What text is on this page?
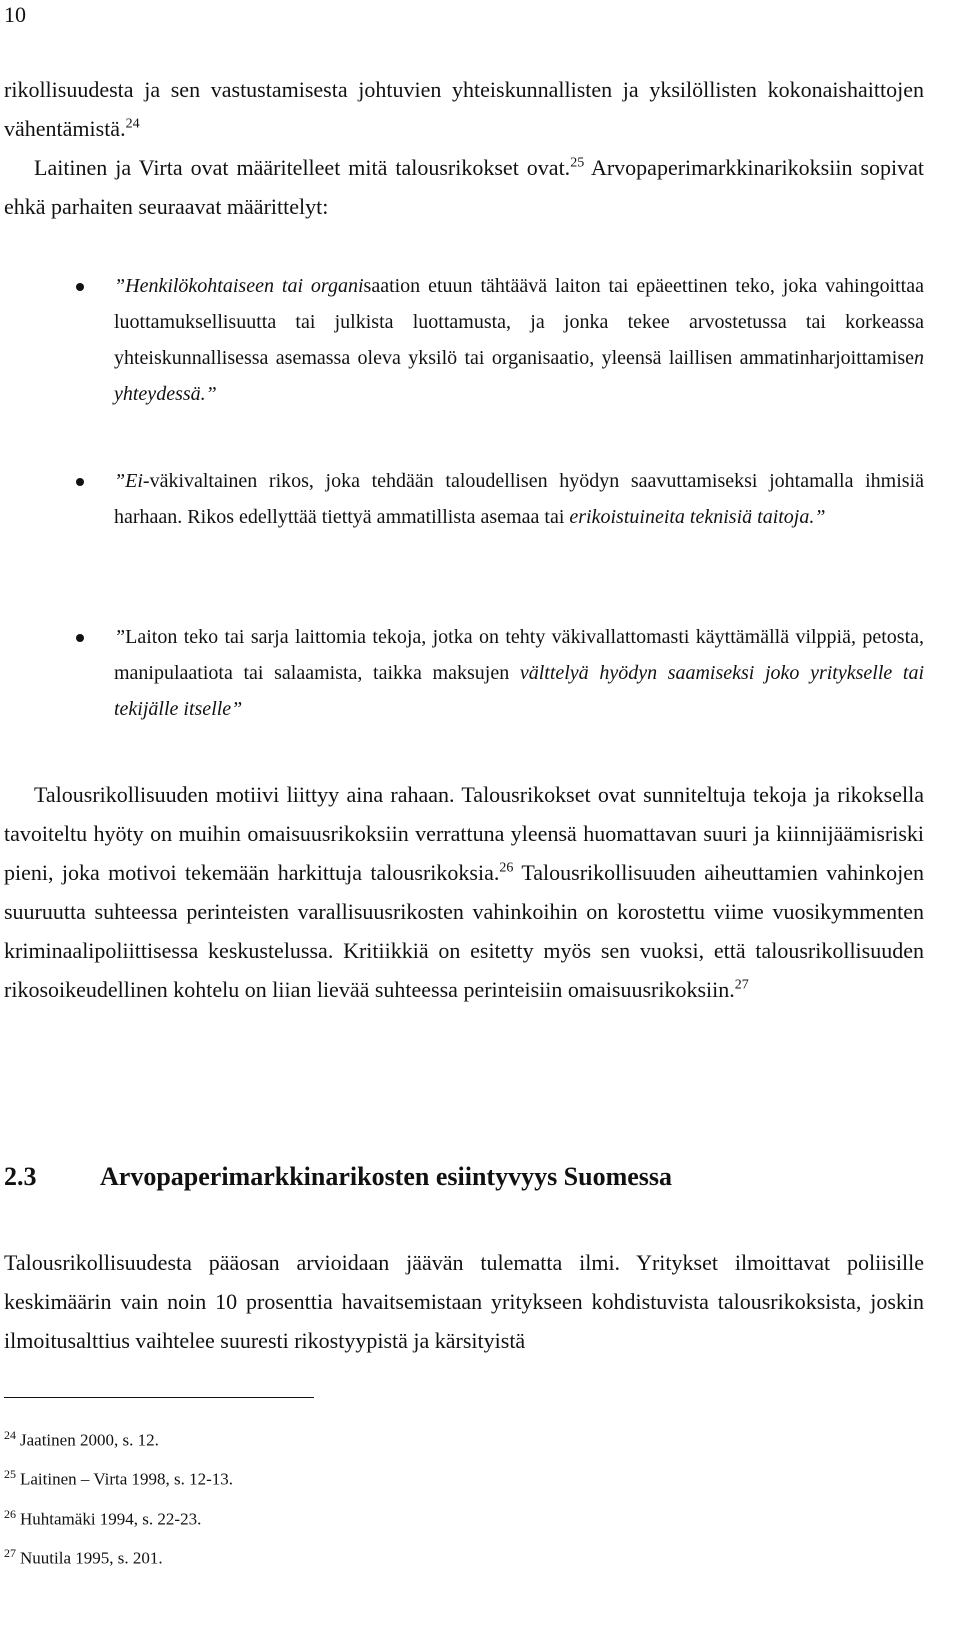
10

rikollisuudesta ja sen vastustamisesta johtuvien yhteiskunnallisten ja yksilöllisten kokonaishaittojen vähentämistä.$^{24}$
Laitinen ja Virta ovat määritelleet mitä talousrikokset ovat.$^{25}$ Arvopaperimarkkinarikoksiin sopivat ehkä parhaiten seuraavat määrittelyt:

”Henkilökohtaiseen tai organisaation etuun tähtäävä laiton tai epäeettinen teko, joka vahingoittaa luottamuksellisuutta tai julkista luottamusta, ja jonka tekee arvostetussa tai korkeassa yhteiskunnallisessa asemassa oleva yksilö tai organisaatio, yleensä laillisen ammatinharjoittamisen yhteydessä.”

”Ei-väkivaltainen rikos, joka tehdään taloudellisen hyödyn saavuttamiseksi johtamalla ihmisiä harhaan. Rikos edellyttää tiettyä ammatillista asemaa tai erikoistuineita teknisiä taitoja.”

”Laiton teko tai sarja laittomia tekoja, jotka on tehty väkivallattomasti käyttämällä vilppiä, petosta, manipulaatiota tai salaamista, taikka maksujen välttelyä hyödyn saamiseksi joko yritykselle tai tekijälle itselle”

Talousrikollisuuden motiivi liittyy aina rahaan. Talousrikokset ovat sunniteltuja tekoja ja rikoksella tavoiteltu hyöty on muihin omaisuusrikoksiin verrattuna yleensä huomattavan suuri ja kiinnijäämisriski pieni, joka motivoi tekemään harkittuja talousrikoksia.$^{26}$ Talousrikollisuuden aiheuttamien vahinkojen suuruutta suhteessa perinteisten varallisuusrikosten vahinkoihin on korostettu viime vuosikymmenten kriminaalipoliittisessa keskustelussa. Kritiikkiä on esitetty myös sen vuoksi, että talousrikollisuuden rikosoikeudellinen kohtelu on liian lievää suhteessa perinteisiin omaisuusrikoksiin.$^{27}$

2.3 Arvopaperimarkkinarikosten esiintyvyys Suomessa

Talousrikollisuudesta pääosan arvioidaan jäävän tulematta ilmi. Yritykset ilmoittavat poliisille keskimäärin vain noin 10 prosenttia havaitsemistaan yritykseen kohdistuvista talousrikoksista, joskin ilmoitusalttius vaihtelee suuresti rikostyypistä ja kärsityistä

$^{24}$ Jaatinen 2000, s. 12.

$^{25}$ Laitinen – Virta 1998, s. 12-13.

$^{26}$ Huhtamäki 1994, s. 22-23.

$^{27}$ Nuutila 1995, s. 201.
